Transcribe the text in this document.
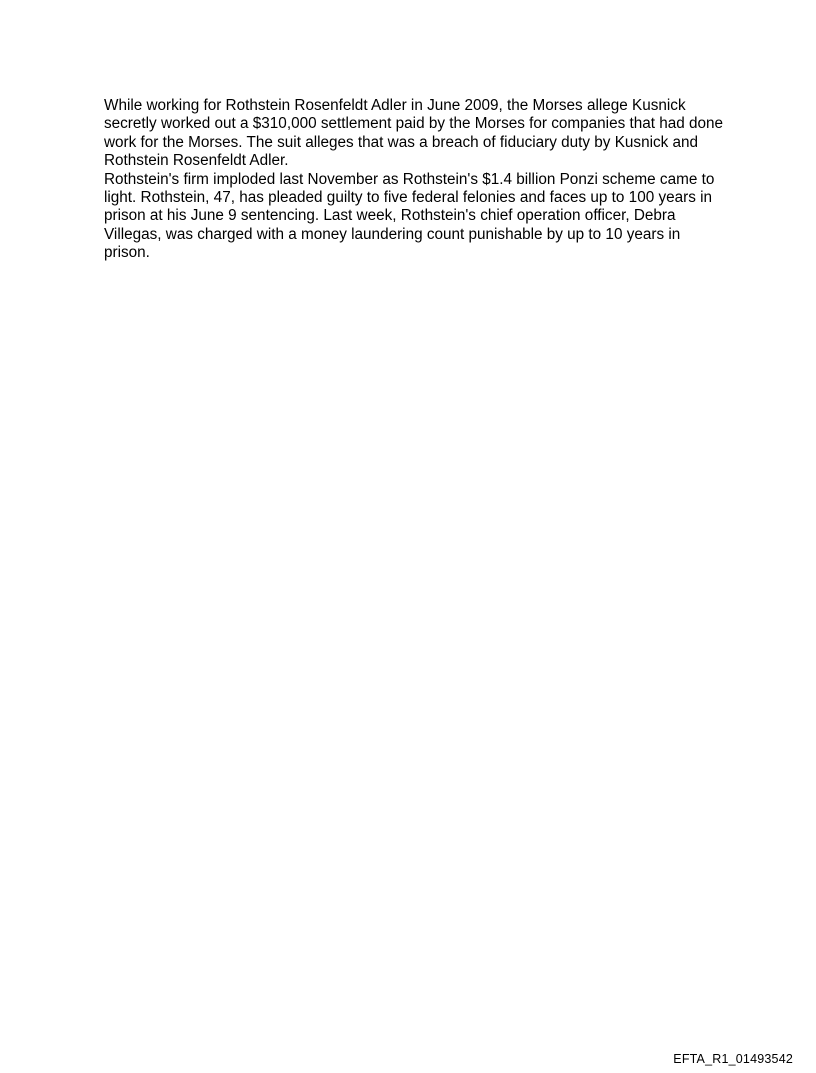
While working for Rothstein Rosenfeldt Adler in June 2009, the Morses allege Kusnick secretly worked out a $310,000 settlement paid by the Morses for companies that had done work for the Morses. The suit alleges that was a breach of fiduciary duty by Kusnick and Rothstein Rosenfeldt Adler.

Rothstein's firm imploded last November as Rothstein's $1.4 billion Ponzi scheme came to light. Rothstein, 47, has pleaded guilty to five federal felonies and faces up to 100 years in prison at his June 9 sentencing. Last week, Rothstein's chief operation officer, Debra Villegas, was charged with a money laundering count punishable by up to 10 years in prison.

EFTA_R1_01493542
